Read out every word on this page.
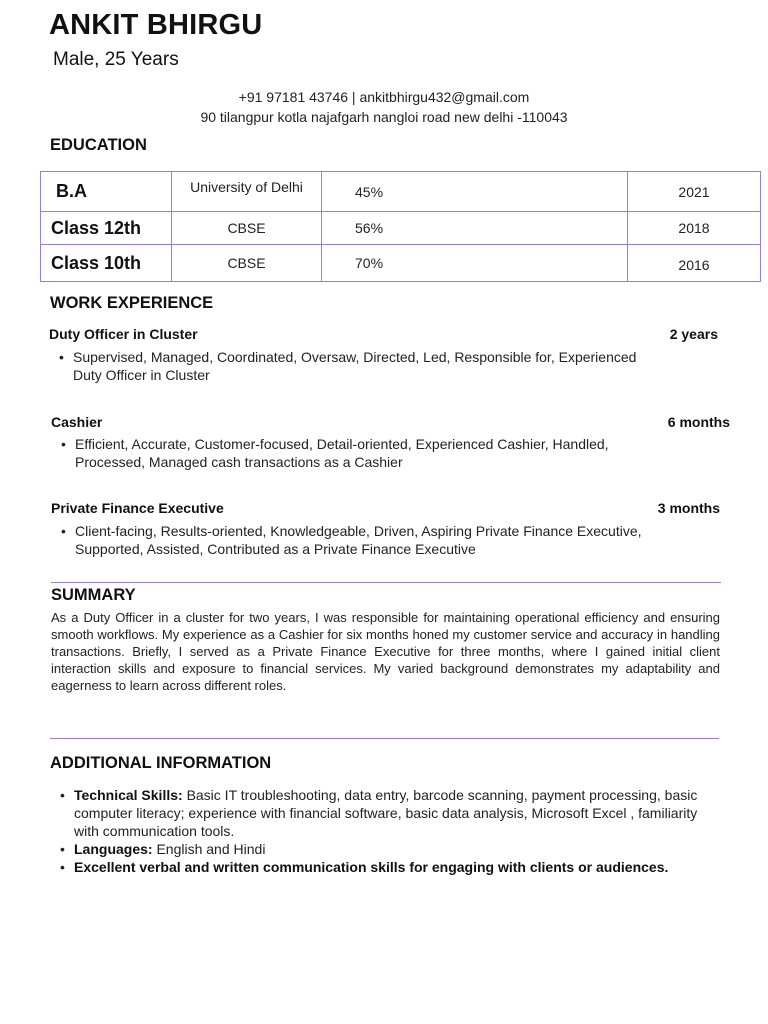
ANKIT BHIRGU
Male, 25 Years
+91 97181 43746 | ankitbhirgu432@gmail.com
90 tilangpur kotla najafgarh nangloi road new delhi -110043
EDUCATION
B.A	University of Delhi	45%	2021
Class 12th	CBSE	56%	2018
Class 10th	CBSE	70%	2016
WORK EXPERIENCE
Duty Officer in Cluster	2 years
• Supervised, Managed, Coordinated, Oversaw, Directed, Led, Responsible for, Experienced
Duty Officer in Cluster
Cashier	6 months
• Efficient, Accurate, Customer-focused, Detail-oriented, Experienced Cashier, Handled,
Processed, Managed cash transactions as a Cashier
Private Finance Executive	3 months
• Client-facing, Results-oriented, Knowledgeable, Driven, Aspiring Private Finance Executive,
Supported, Assisted, Contributed as a Private Finance Executive
SUMMARY
As a Duty Officer in a cluster for two years, I was responsible for maintaining operational efficiency and ensuring smooth workflows. My experience as a Cashier for six months honed my customer service and accuracy in handling transactions. Briefly, I served as a Private Finance Executive for three months, where I gained initial client interaction skills and exposure to financial services. My varied background demonstrates my adaptability and eagerness to learn across different roles.
ADDITIONAL INFORMATION
• Technical Skills: Basic IT troubleshooting, data entry, barcode scanning, payment processing, basic computer literacy; experience with financial software, basic data analysis, Microsoft Excel , familiarity with communication tools.
• Languages: English and Hindi
• Excellent verbal and written communication skills for engaging with clients or audiences.
